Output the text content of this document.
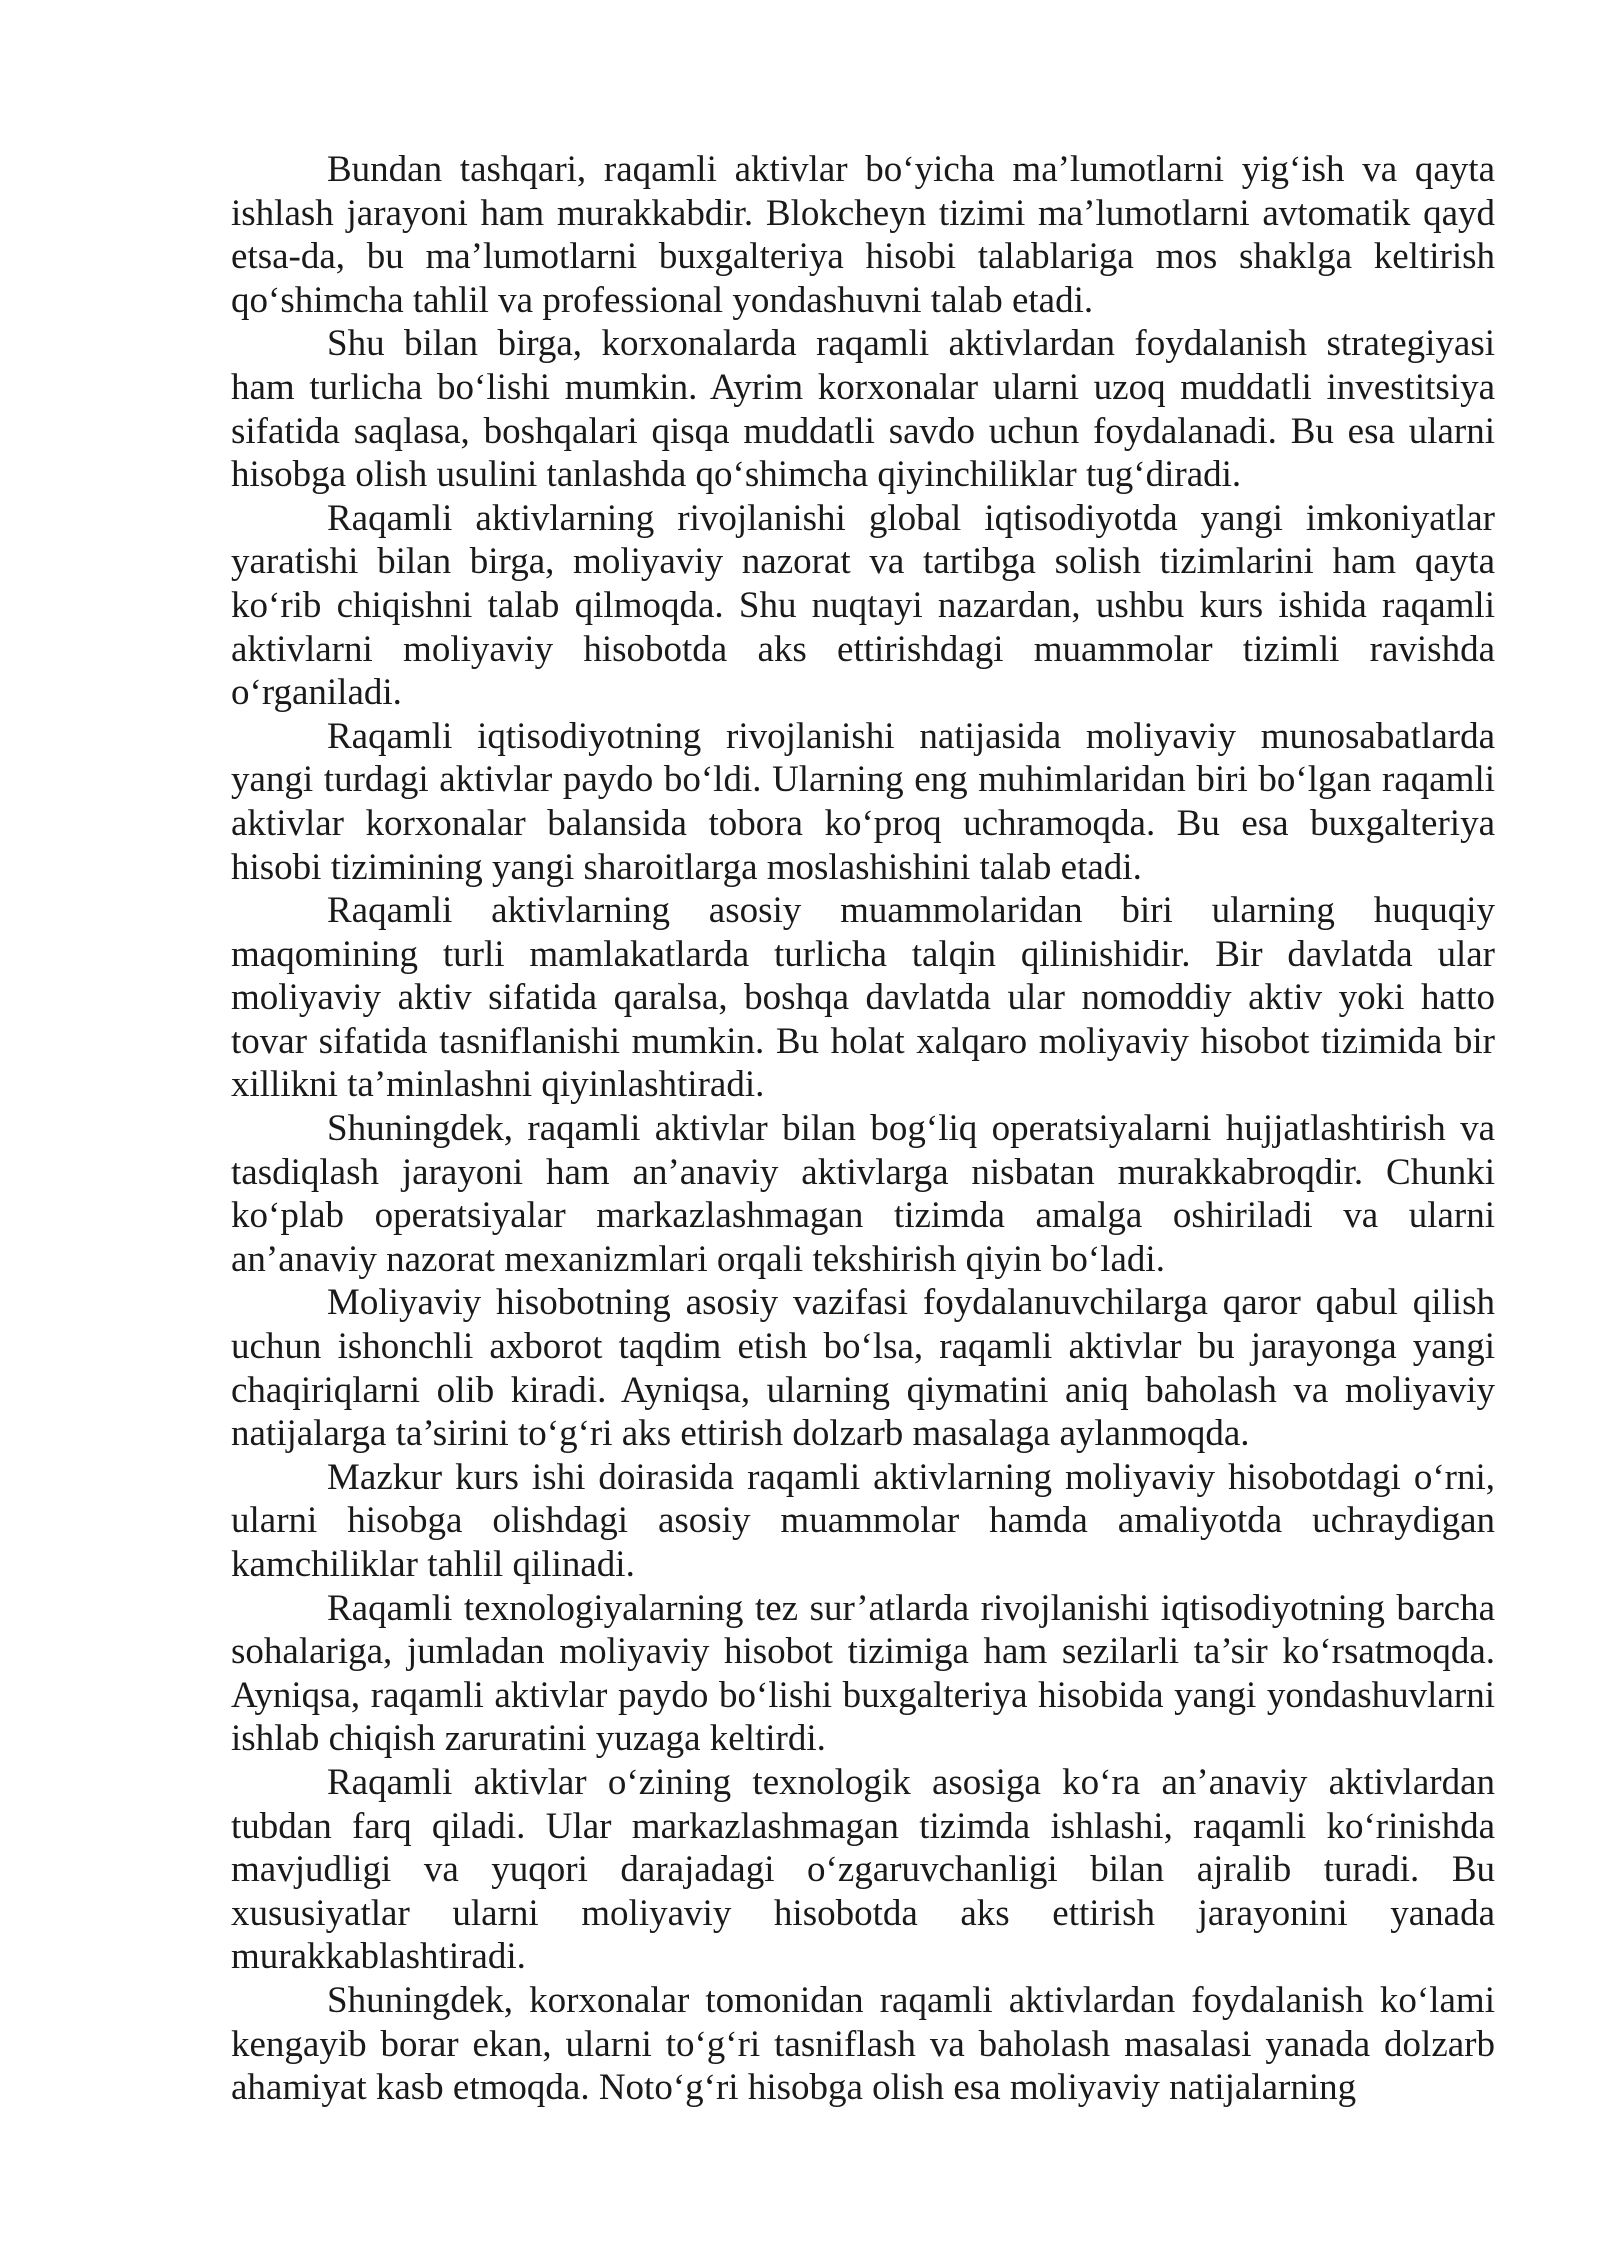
Bundan tashqari, raqamli aktivlar bo‘yicha ma’lumotlarni yig‘ish va qayta ishlash jarayoni ham murakkabdir. Blokcheyn tizimi ma’lumotlarni avtomatik qayd etsa-da, bu ma’lumotlarni buxgalteriya hisobi talablariga mos shaklga keltirish qo‘shimcha tahlil va professional yondashuvni talab etadi.

Shu bilan birga, korxonalarda raqamli aktivlardan foydalanish strategiyasi ham turlicha bo‘lishi mumkin. Ayrim korxonalar ularni uzoq muddatli investitsiya sifatida saqlasa, boshqalari qisqa muddatli savdo uchun foydalanadi. Bu esa ularni hisobga olish usulini tanlashda qo‘shimcha qiyinchiliklar tug‘diradi.

Raqamli aktivlarning rivojlanishi global iqtisodiyotda yangi imkoniyatlar yaratishi bilan birga, moliyaviy nazorat va tartibga solish tizimlarini ham qayta ko‘rib chiqishni talab qilmoqda. Shu nuqtayi nazardan, ushbu kurs ishida raqamli aktivlarni moliyaviy hisobotda aks ettirishdagi muammolar tizimli ravishda o‘rganiladi.

Raqamli iqtisodiyotning rivojlanishi natijasida moliyaviy munosabatlarda yangi turdagi aktivlar paydo bo‘ldi. Ularning eng muhimlaridan biri bo‘lgan raqamli aktivlar korxonalar balansida tobora ko‘proq uchramoqda. Bu esa buxgalteriya hisobi tizimining yangi sharoitlarga moslashishini talab etadi.

Raqamli aktivlarning asosiy muammolaridan biri ularning huquqiy maqomining turli mamlakatlarda turlicha talqin qilinishidir. Bir davlatda ular moliyaviy aktiv sifatida qaralsa, boshqa davlatda ular nomoddiy aktiv yoki hatto tovar sifatida tasniflanishi mumkin. Bu holat xalqaro moliyaviy hisobot tizimida bir xillikni ta’minlashni qiyinlashtiradi.

Shuningdek, raqamli aktivlar bilan bog‘liq operatsiyalarni hujjatlashtirish va tasdiqlash jarayoni ham an’anaviy aktivlarga nisbatan murakkabroqdir. Chunki ko‘plab operatsiyalar markazlashmagan tizimda amalga oshiriladi va ularni an’anaviy nazorat mexanizmlari orqali tekshirish qiyin bo‘ladi.

Moliyaviy hisobotning asosiy vazifasi foydalanuvchilarga qaror qabul qilish uchun ishonchli axborot taqdim etish bo‘lsa, raqamli aktivlar bu jarayonga yangi chaqiriqlarni olib kiradi. Ayniqsa, ularning qiymatini aniq baholash va moliyaviy natijalarga ta’sirini to‘g‘ri aks ettirish dolzarb masalaga aylanmoqda.

Mazkur kurs ishi doirasida raqamli aktivlarning moliyaviy hisobotdagi o‘rni, ularni hisobga olishdagi asosiy muammolar hamda amaliyotda uchraydigan kamchiliklar tahlil qilinadi.

Raqamli texnologiyalarning tez sur’atlarda rivojlanishi iqtisodiyotning barcha sohalariga, jumladan moliyaviy hisobot tizimiga ham sezilarli ta’sir ko‘rsatmoqda. Ayniqsa, raqamli aktivlar paydo bo‘lishi buxgalteriya hisobida yangi yondashuvlarni ishlab chiqish zaruratini yuzaga keltirdi.

Raqamli aktivlar o‘zining texnologik asosiga ko‘ra an’anaviy aktivlardan tubdan farq qiladi. Ular markazlashmagan tizimda ishlashi, raqamli ko‘rinishda mavjudligi va yuqori darajadagi o‘zgaruvchanligi bilan ajralib turadi. Bu xususiyatlar ularni moliyaviy hisobotda aks ettirish jarayonini yanada murakkablashtiradi.

Shuningdek, korxonalar tomonidan raqamli aktivlardan foydalanish ko‘lami kengayib borar ekan, ularni to‘g‘ri tasniflash va baholash masalasi yanada dolzarb ahamiyat kasb etmoqda. Noto‘g‘ri hisobga olish esa moliyaviy natijalarning
